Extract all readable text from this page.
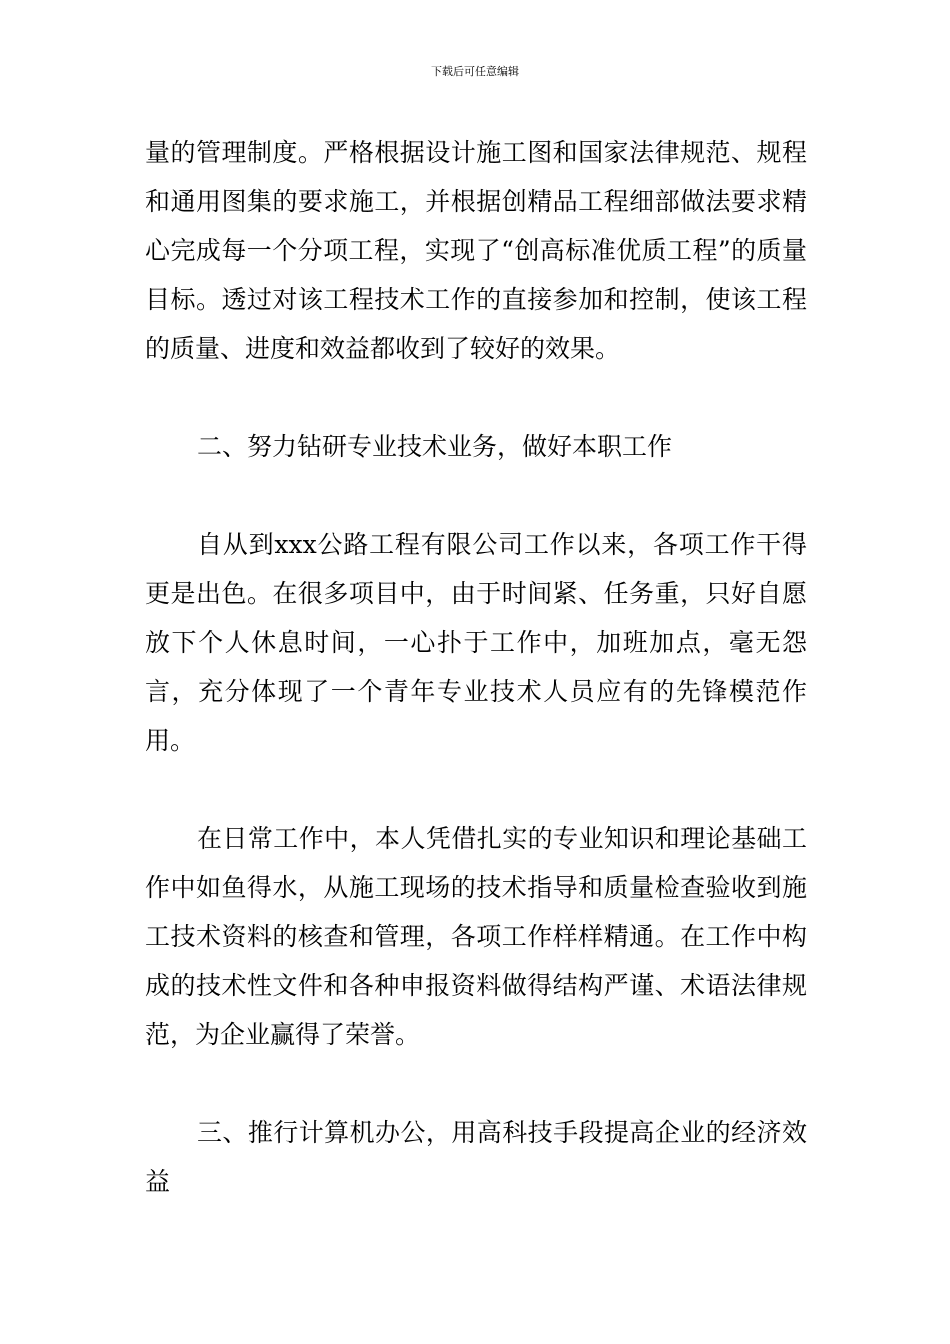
下载后可任意编辑

量的管理制度。严格根据设计施工图和国家法律规范、规程和通用图集的要求施工，并根据创精品工程细部做法要求精心完成每一个分项工程，实现了“创高标准优质工程”的质量目标。透过对该工程技术工作的直接参加和控制，使该工程的质量、进度和效益都收到了较好的效果。

二、努力钻研专业技术业务，做好本职工作

自从到xxx公路工程有限公司工作以来，各项工作干得更是出色。在很多项目中，由于时间紧、任务重，只好自愿放下个人休息时间，一心扑于工作中，加班加点，毫无怨言，充分体现了一个青年专业技术人员应有的先锋模范作用。

在日常工作中，本人凭借扎实的专业知识和理论基础工作中如鱼得水，从施工现场的技术指导和质量检查验收到施工技术资料的核查和管理，各项工作样样精通。在工作中构成的技术性文件和各种申报资料做得结构严谨、术语法律规范，为企业赢得了荣誉。

三、推行计算机办公，用高科技手段提高企业的经济效益
